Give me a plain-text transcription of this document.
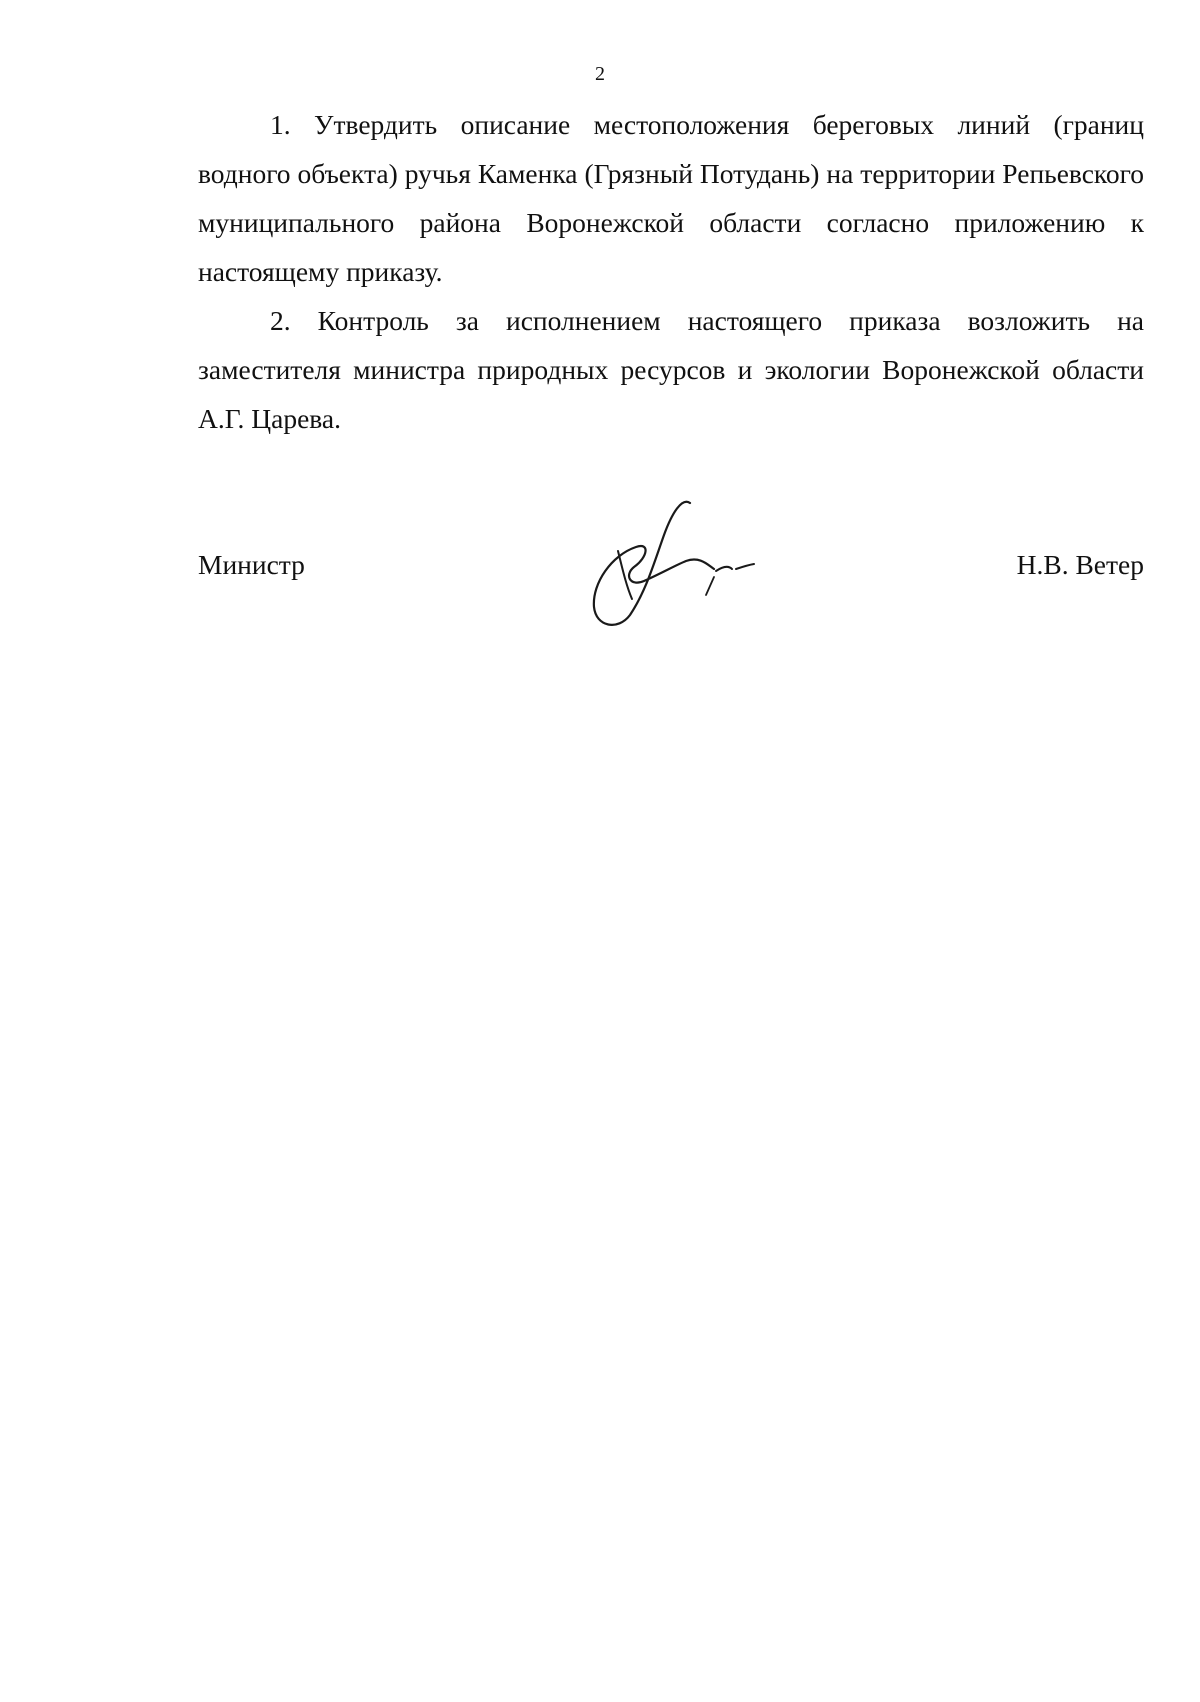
2

1. Утвердить описание местоположения береговых линий (границ водного объекта) ручья Каменка (Грязный Потудань) на территории Репьевского муниципального района Воронежской области согласно приложению к настоящему приказу.

2. Контроль за исполнением настоящего приказа возложить на заместителя министра природных ресурсов и экологии Воронежской области А.Г. Царева.

Министр	Н.В. Ветер
